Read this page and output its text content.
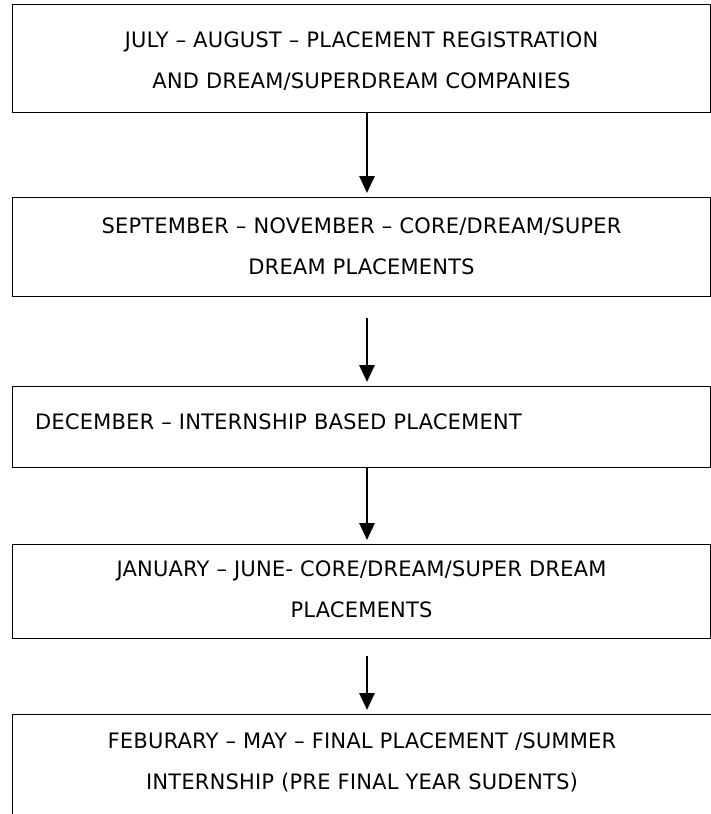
JULY – AUGUST – PLACEMENT REGISTRATION
AND DREAM/SUPERDREAM COMPANIES
SEPTEMBER – NOVEMBER – CORE/DREAM/SUPER
DREAM PLACEMENTS
DECEMBER – INTERNSHIP BASED PLACEMENT
JANUARY – JUNE- CORE/DREAM/SUPER DREAM
PLACEMENTS
FEBURARY – MAY – FINAL PLACEMENT /SUMMER
INTERNSHIP (PRE FINAL YEAR SUDENTS)
